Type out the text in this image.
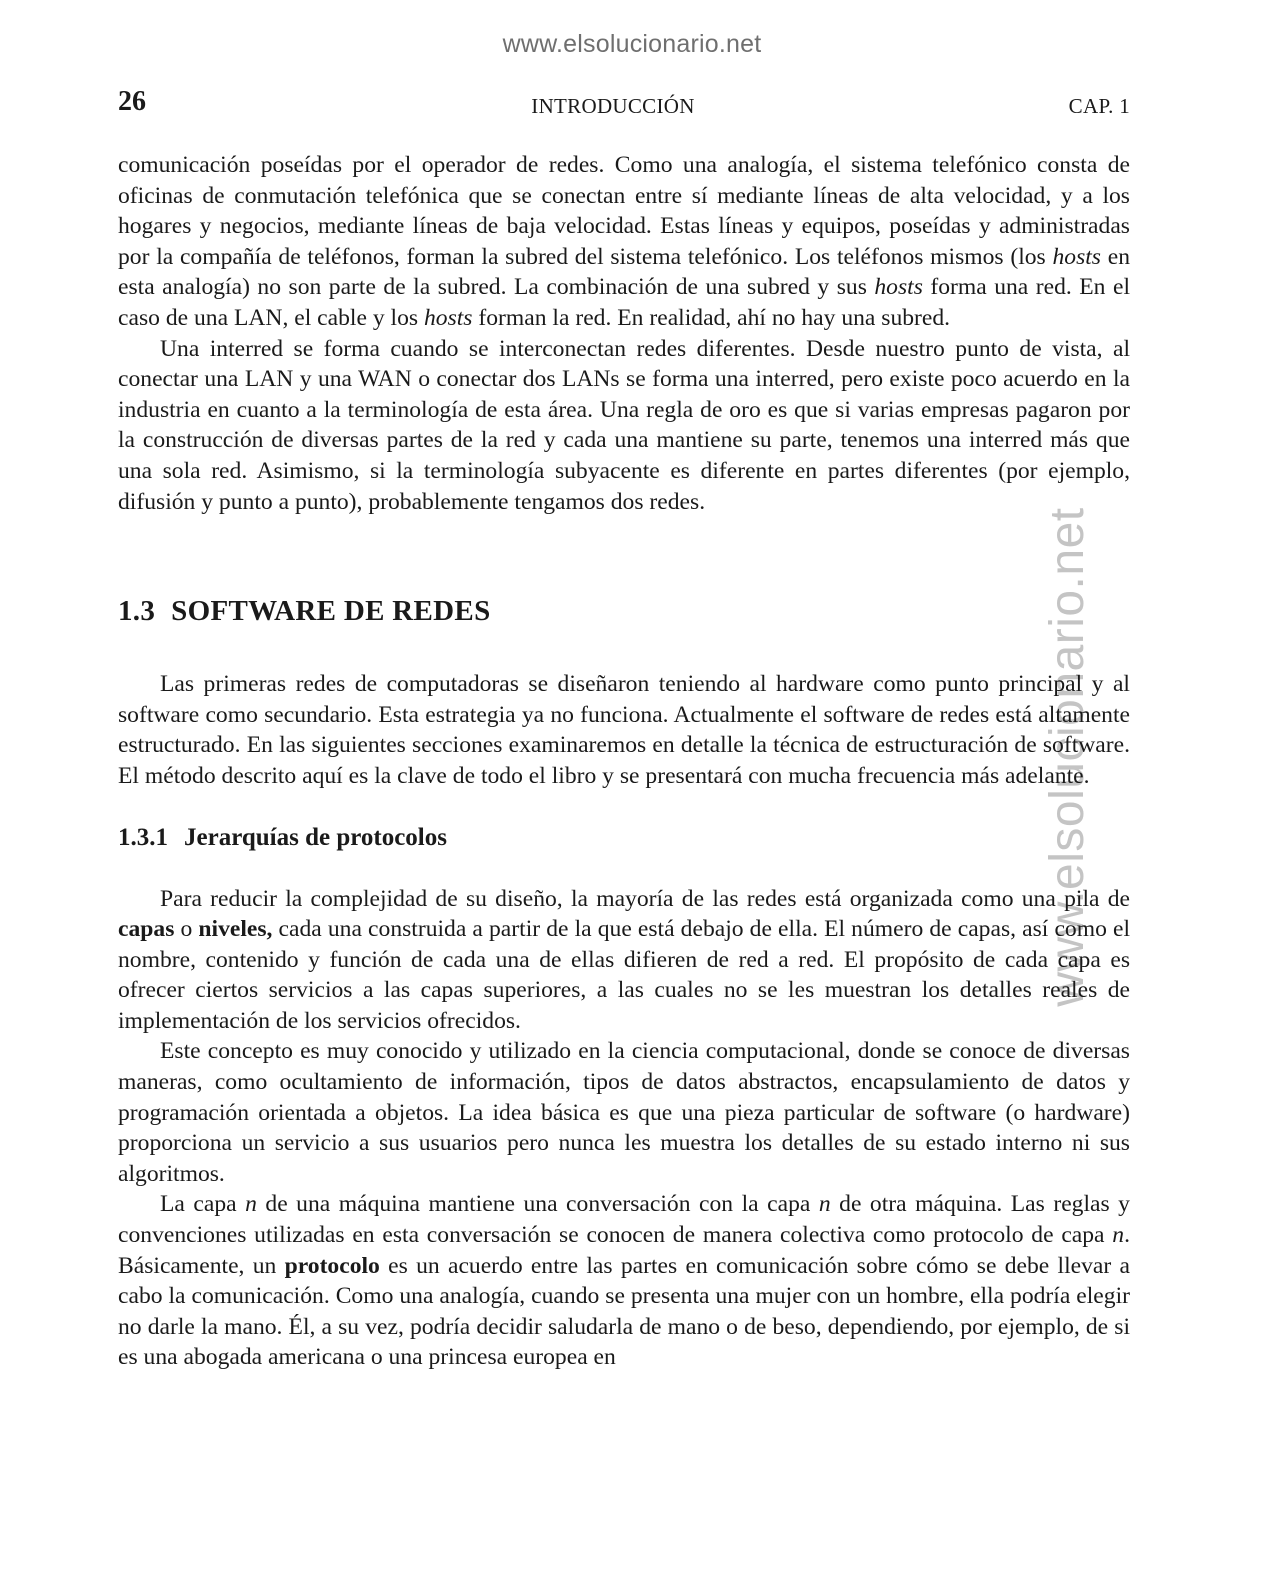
www.elsolucionario.net
www.elsolucionario.net
26	INTRODUCCIÓN	CAP. 1

comunicación poseídas por el operador de redes. Como una analogía, el sistema telefónico consta de oficinas de conmutación telefónica que se conectan entre sí mediante líneas de alta velocidad, y a los hogares y negocios, mediante líneas de baja velocidad. Estas líneas y equipos, poseídas y administradas por la compañía de teléfonos, forman la subred del sistema telefónico. Los teléfonos mismos (los hosts en esta analogía) no son parte de la subred. La combinación de una subred y sus hosts forma una red. En el caso de una LAN, el cable y los hosts forman la red. En realidad, ahí no hay una subred.

Una interred se forma cuando se interconectan redes diferentes. Desde nuestro punto de vista, al conectar una LAN y una WAN o conectar dos LANs se forma una interred, pero existe poco acuerdo en la industria en cuanto a la terminología de esta área. Una regla de oro es que si varias empresas pagaron por la construcción de diversas partes de la red y cada una mantiene su parte, tenemos una interred más que una sola red. Asimismo, si la terminología subyacente es diferente en partes diferentes (por ejemplo, difusión y punto a punto), probablemente tengamos dos redes.

1.3 SOFTWARE DE REDES

Las primeras redes de computadoras se diseñaron teniendo al hardware como punto principal y al software como secundario. Esta estrategia ya no funciona. Actualmente el software de redes está altamente estructurado. En las siguientes secciones examinaremos en detalle la técnica de estructuración de software. El método descrito aquí es la clave de todo el libro y se presentará con mucha frecuencia más adelante.

1.3.1 Jerarquías de protocolos

Para reducir la complejidad de su diseño, la mayoría de las redes está organizada como una pila de capas o niveles, cada una construida a partir de la que está debajo de ella. El número de capas, así como el nombre, contenido y función de cada una de ellas difieren de red a red. El propósito de cada capa es ofrecer ciertos servicios a las capas superiores, a las cuales no se les muestran los detalles reales de implementación de los servicios ofrecidos.

Este concepto es muy conocido y utilizado en la ciencia computacional, donde se conoce de diversas maneras, como ocultamiento de información, tipos de datos abstractos, encapsulamiento de datos y programación orientada a objetos. La idea básica es que una pieza particular de software (o hardware) proporciona un servicio a sus usuarios pero nunca les muestra los detalles de su estado interno ni sus algoritmos.

La capa n de una máquina mantiene una conversación con la capa n de otra máquina. Las reglas y convenciones utilizadas en esta conversación se conocen de manera colectiva como protocolo de capa n. Básicamente, un protocolo es un acuerdo entre las partes en comunicación sobre cómo se debe llevar a cabo la comunicación. Como una analogía, cuando se presenta una mujer con un hombre, ella podría elegir no darle la mano. Él, a su vez, podría decidir saludarla de mano o de beso, dependiendo, por ejemplo, de si es una abogada americana o una princesa europea en
